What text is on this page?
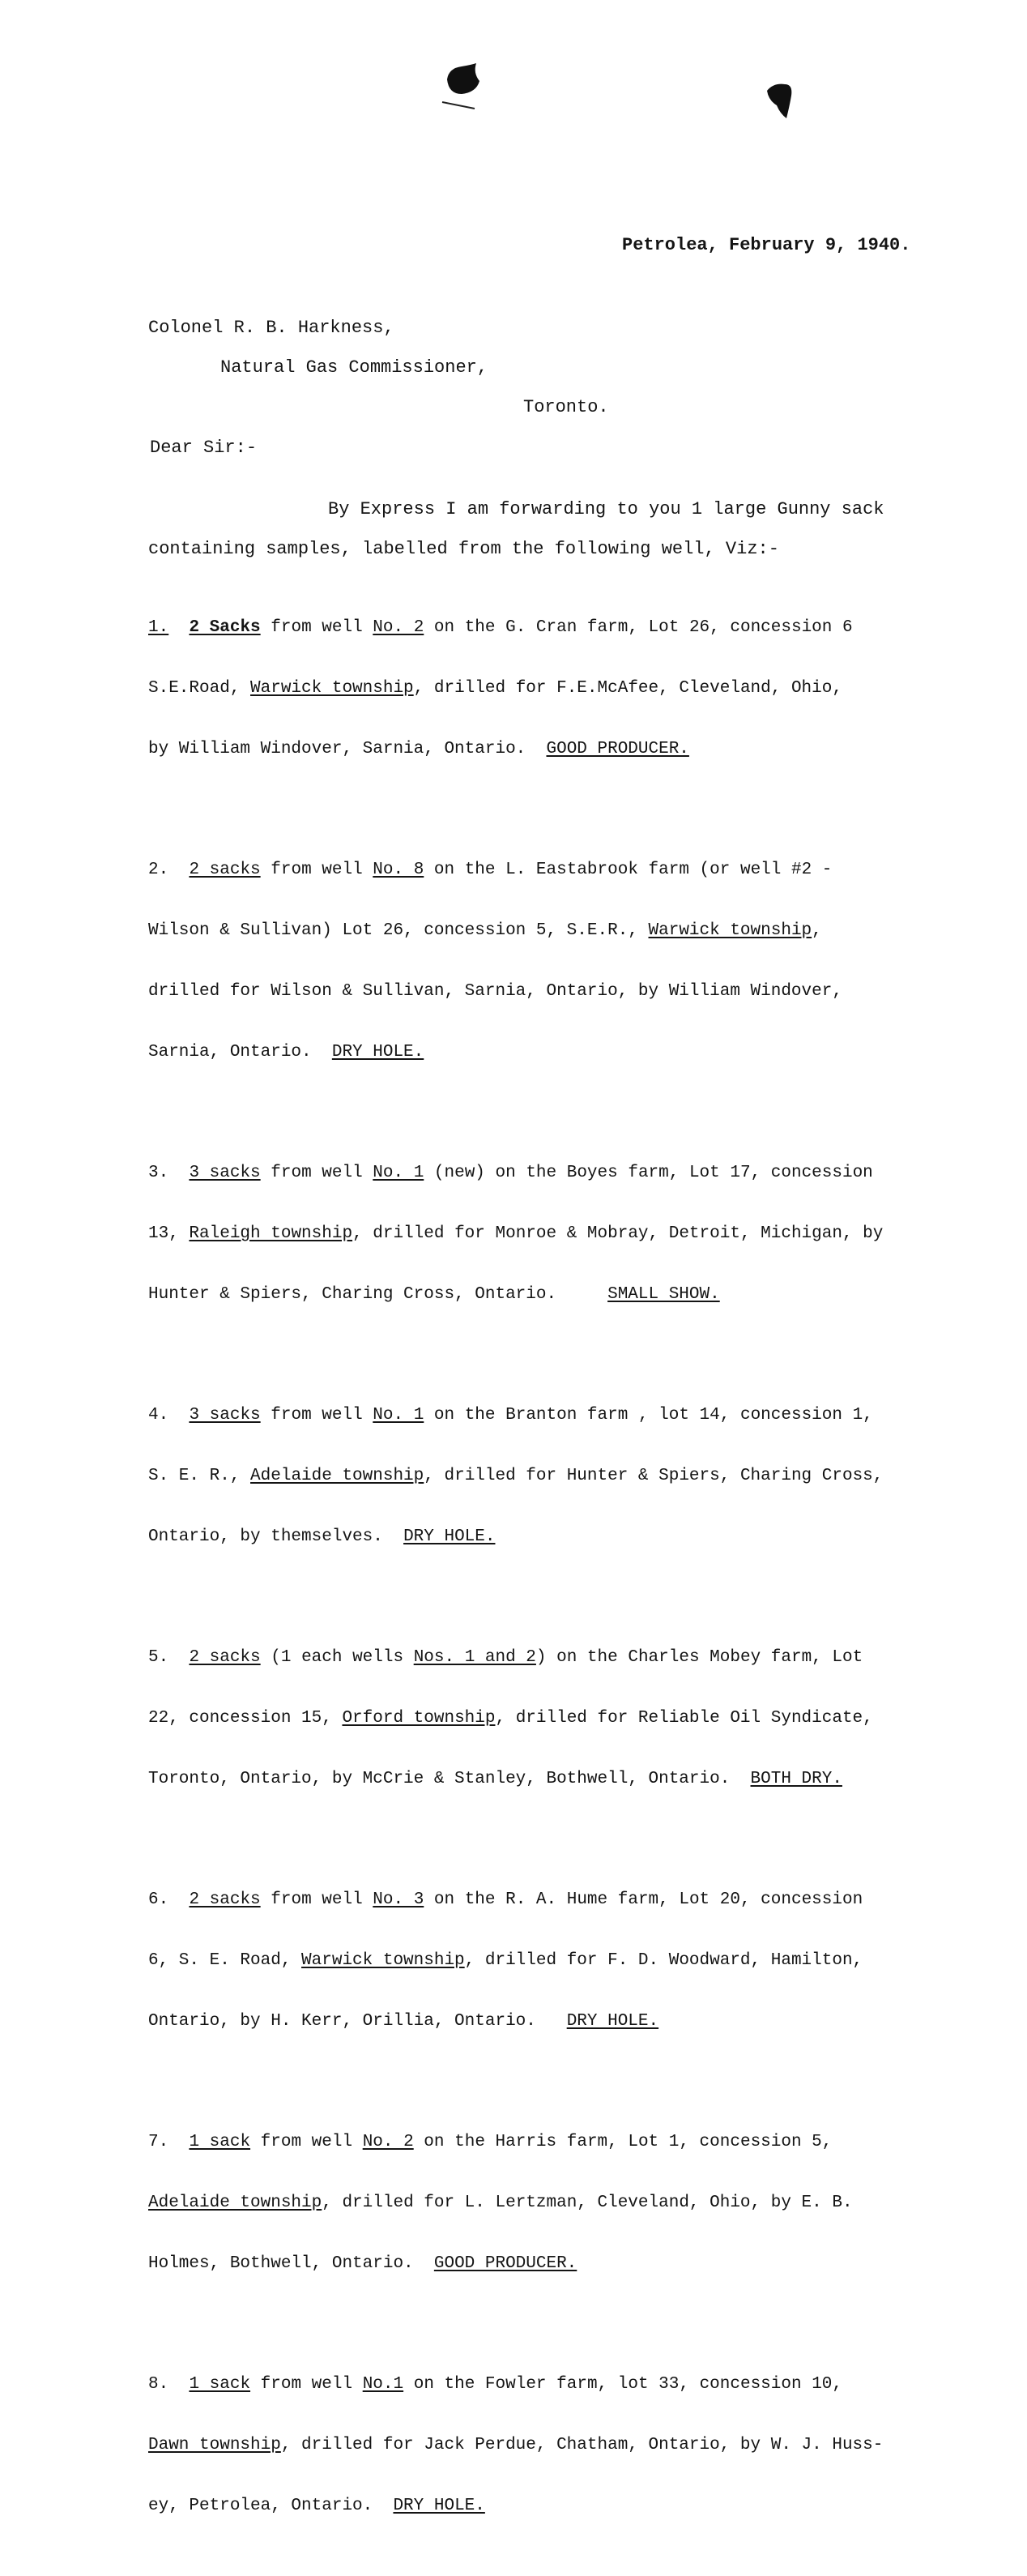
Petrolea, February 9, 1940.
Colonel R. B. Harkness,
Natural Gas Commissioner,
Toronto.
Dear Sir:-
By Express I am forwarding to you 1 large Gunny sack
containing samples, labelled from the following well, Viz:-

1. 2 Sacks from well No. 2 on the G. Cran farm, Lot 26, concession 6

S.E.Road, Warwick township, drilled for F.E.McAfee, Cleveland, Ohio,

by William Windover, Sarnia, Ontario.  GOOD PRODUCER.

2. 2 sacks from well No. 8 on the L. Eastabrook farm (or well #2 -

Wilson & Sullivan) Lot 26, concession 5, S.E.R., Warwick township,

drilled for Wilson & Sullivan, Sarnia, Ontario, by William Windover,

Sarnia, Ontario.  DRY HOLE.

3. 3 sacks from well No. 1 (new) on the Boyes farm, Lot 17, concession

13, Raleigh township, drilled for Monroe & Mobray, Detroit, Michigan, by

Hunter & Spiers, Charing Cross, Ontario.     SMALL SHOW.

4. 3 sacks from well No. 1 on the Branton farm , lot 14, concession 1,

S. E. R., Adelaide township, drilled for Hunter & Spiers, Charing Cross,

Ontario, by themselves.  DRY HOLE.

5. 2 sacks (1 each wells Nos. 1 and 2) on the Charles Mobey farm, Lot

22, concession 15, Orford township, drilled for Reliable Oil Syndicate,

Toronto, Ontario, by McCrie & Stanley, Bothwell, Ontario.  BOTH DRY.

6. 2 sacks from well No. 3 on the R. A. Hume farm, Lot 20, concession

6, S. E. Road, Warwick township, drilled for F. D. Woodward, Hamilton,

Ontario, by H. Kerr, Orillia, Ontario.   DRY HOLE.

7. 1 sack from well No. 2 on the Harris farm, Lot 1, concession 5,

Adelaide township, drilled for L. Lertzman, Cleveland, Ohio, by E. B.

Holmes, Bothwell, Ontario.  GOOD PRODUCER.

8. 1 sack from well No.1 on the Fowler farm, lot 33, concession 10,

Dawn township, drilled for Jack Perdue, Chatham, Ontario, by W. J. Huss-

ey, Petrolea, Ontario.  DRY HOLE.
